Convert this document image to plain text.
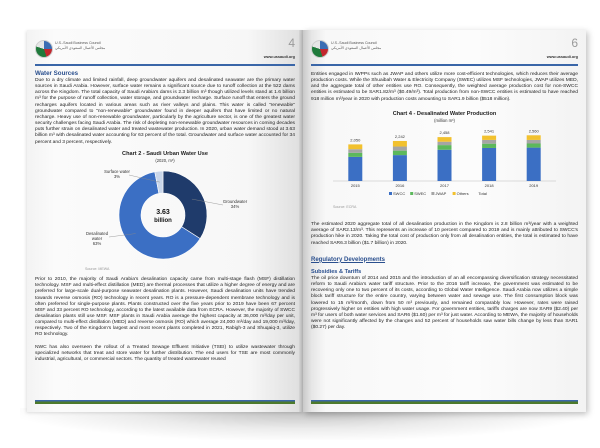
U.S.-Saudi Business Council
مجلس الأعمال السعودي الأمريكي	4
www.ussaudi.org
Water Sources

Due to a dry climate and limited rainfall, deep groundwater aquifers and desalinated seawater are the primary water sources in Saudi Arabia. However, surface water remains a significant source due to runoff collection at the 522 dams across the Kingdom. The total capacity of Saudi Arabia's dams is 2.3 billion m³ though utilized levels stand at 1.6 billion m³ for the purpose of runoff collection, water storage, and groundwater recharge. Surface runoff that enters the ground recharges aquifers located in various areas such as river valleys and plains. This water is called "renewable" groundwater compared to "non-renewable" groundwater found in deeper aquifers that have limited or no natural recharge. Heavy use of non-renewable groundwater, particularly by the agriculture sector, is one of the greatest water security challenges facing Saudi Arabia. The risk of depleting non-renewable groundwater resources in coming decades puts further strain on desalinated water and treated wastewater production. In 2020, urban water demand stood at 3.63 billion m³ with desalinated water accounting for 63 percent of the total. Groundwater and surface water accounted for 34 percent and 3 percent, respectively.

Chart 2 - Saudi Urban Water Use
(2020, m³)
Groundwater 34%
Desalinated water 63%
Surface water 3%
3.63
billion
Source: MEWA

Prior to 2010, the majority of Saudi Arabia's desalination capacity came from multi-stage flash (MSF) distillation technology. MSF and multi-effect distillation (MED) are thermal processes that utilize a higher degree of energy and are preferred for large-scale dual-purpose seawater desalination plants. However, Saudi desalination units have trended towards reverse osmosis (RO) technology in recent years. RO is a pressure-dependent membrane technology and is often preferred for single-purpose plants. Plants constructed over the five years prior to 2019 have been 67 percent MSF and 33 percent RO technology, according to the latest available data from ECRA. However, the majority of SWCC desalination plants still use MSF. MSF plants in Saudi Arabia average the highest capacity at 36,000 m³/day per unit, compared to multi-effect distillation (MED) and reverse osmosis (RO) which average 24,000 m³/day and 19,000 m³/day, respectively. Two of the Kingdom's largest and most recent plants completed in 2021, Rabigh-3 and Shuqaiq-3, utilize RO technology.

NWC has also overseen the rollout of a Treated Sewage Effluent Initiative (TSEI) to utilize wastewater through specialized networks that treat and store water for further distribution. The end users for TSE are most commonly industrial, agricultural, or commercial sectors. The quantity of treated wastewater reused

U.S.-Saudi Business Council
مجلس الأعمال السعودي الأمريكي	6
www.ussaudi.org

Entities engaged in IWPPs such as JWAP and others utilize more cost-efficient technologies, which reduces their average production costs. While the Shuaibah Water & Electricity Company (SWEC) utilizes MSF technologies, JWAP utilizes MED, and the aggregate total of other entities use RO. Consequently, the weighted average production cost for non-SWCC entities is estimated to be SAR1.82/m³ ($0.49/m³). Total production from non-SWCC entities is estimated to have reached 918 million m³/year in 2020 with production costs amounting to SAR1.9 billion ($518 million).

Chart 4 - Desalinated Water Production
(million m³)
2,050
2015
2,242
2016
2,458
2017
2,541
2018
2,560
2019
SWCC SWEC JWAP	Others Total
Source: ECRA

The estimated 2020 aggregate total of all desalination production in the Kingdom is 2.8 billion m³/year with a weighted average of SAR2.13/m³. This represents an increase of 10 percent compared to 2019 and is mainly attributed to SWCC's production hike in 2020. Taking the total cost of production only from all desalination entities, the total is estimated to have reached SAR6.3 billion ($1.7 billion) in 2020.

Regulatory Developments
Subsidies & Tariffs

The oil price downturn of 2014 and 2015 and the introduction of an all encompassing diversification strategy necessitated reform to Saudi Arabia's water tariff structure. Prior to the 2016 tariff increase, the government was estimated to be recovering only one to two percent of its costs, according to Global Water Intelligence. Saudi Arabia now utilizes a simple block tariff structure for the entire country, varying between water and sewage use. The first consumption block was lowered to 15 m³/month, down from 50 m³ previously, and remained comparably low. However, rates were raised progressively higher on entities with high water usage. For government entities, tariffs charges are now SAR9 ($2.40) per m³ for users of both water services and SAR6 ($1.60) per m³ for just water. According to MEWA, the majority of households were not significantly affected by the changes and 52 percent of households saw water bills change by less than SAR1 ($0.27) per day.
